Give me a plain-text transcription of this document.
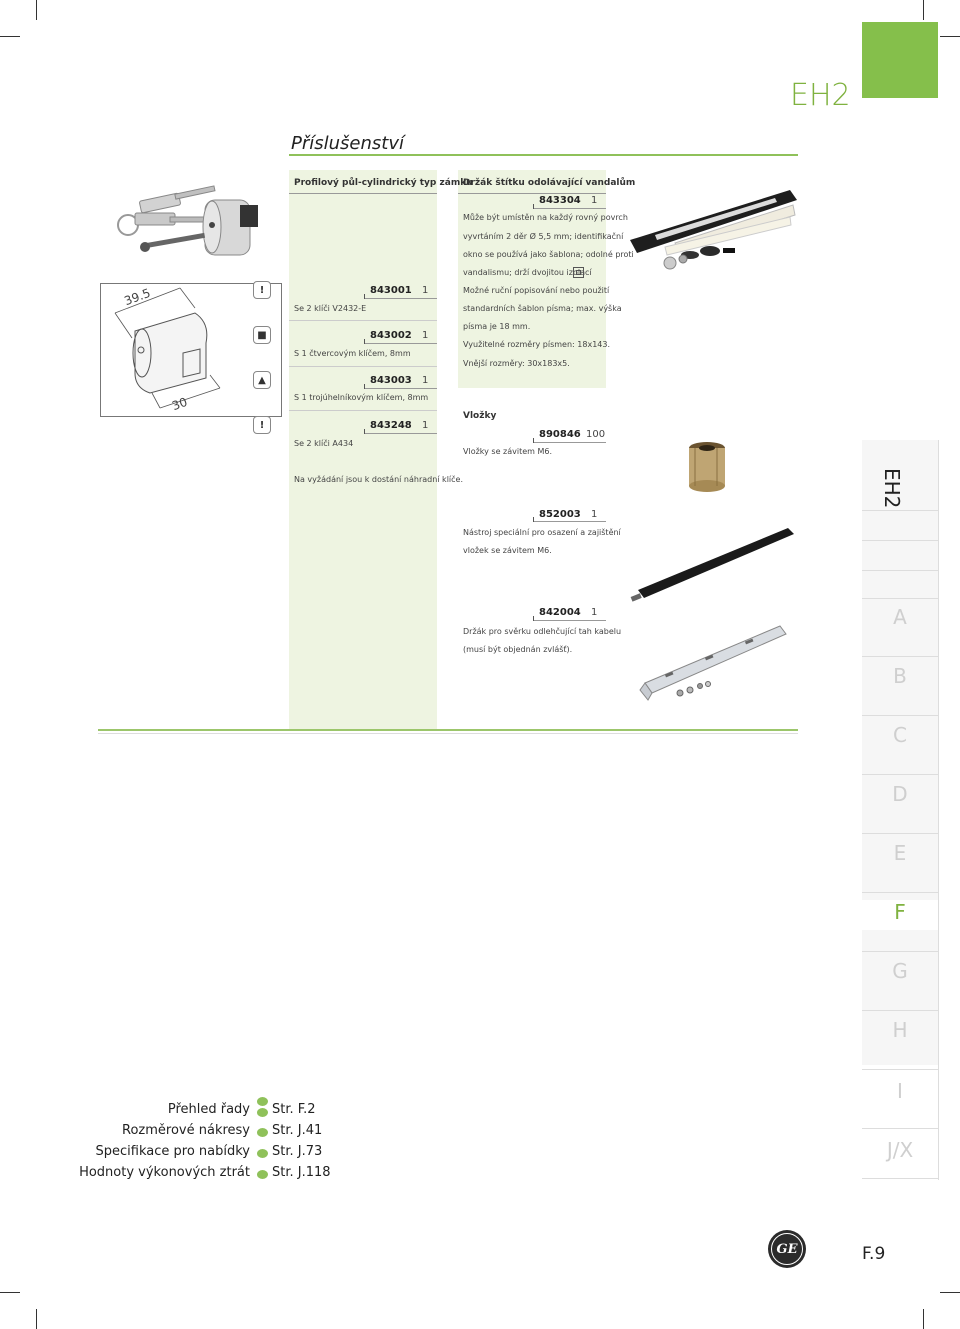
EH2
Příslušenství
39.5
30
Profilový půl-cylindrický typ zámku
!	843001 1
Se 2 klíči V2432-E
■	843002 1
S 1 čtvercovým klíčem, 8mm
▲	843003 1
S 1 trojúhelníkovým klíčem, 8mm
!	843248 1
Se 2 klíči A434
Na vyžádání jsou k dostání náhradní klíče.
Držák štítku odolávající vandalům
843304 1
Může být umístěn na každý rovný povrch
vyvrtáním 2 děr Ø 5,5 mm; identifikační
okno se používá jako šablona; odolné proti
vandalismu; drží dvojitou izolací
Možné ruční popisování nebo použití
standardních šablon písma; max. výška
písma je 18 mm.
Využitelné rozměry písmen: 18x143.
Vnější rozměry: 30x183x5.
Vložky
890846 100
Vložky se závitem M6.
852003 1
Nástroj speciální pro osazení a zajištění
vložek se závitem M6.
842004 1
Držák pro svěrku odlehčující tah kabelu
(musí být objednán zvlášť).
EH2
A
B
C
D
E
F
G
H
I
J/X
Přehled řady Str. F.2
Rozměrové nákresy Str. J.41
Specifikace pro nabídky Str. J.73
Hodnoty výkonových ztrát Str. J.118
GE	F.9
